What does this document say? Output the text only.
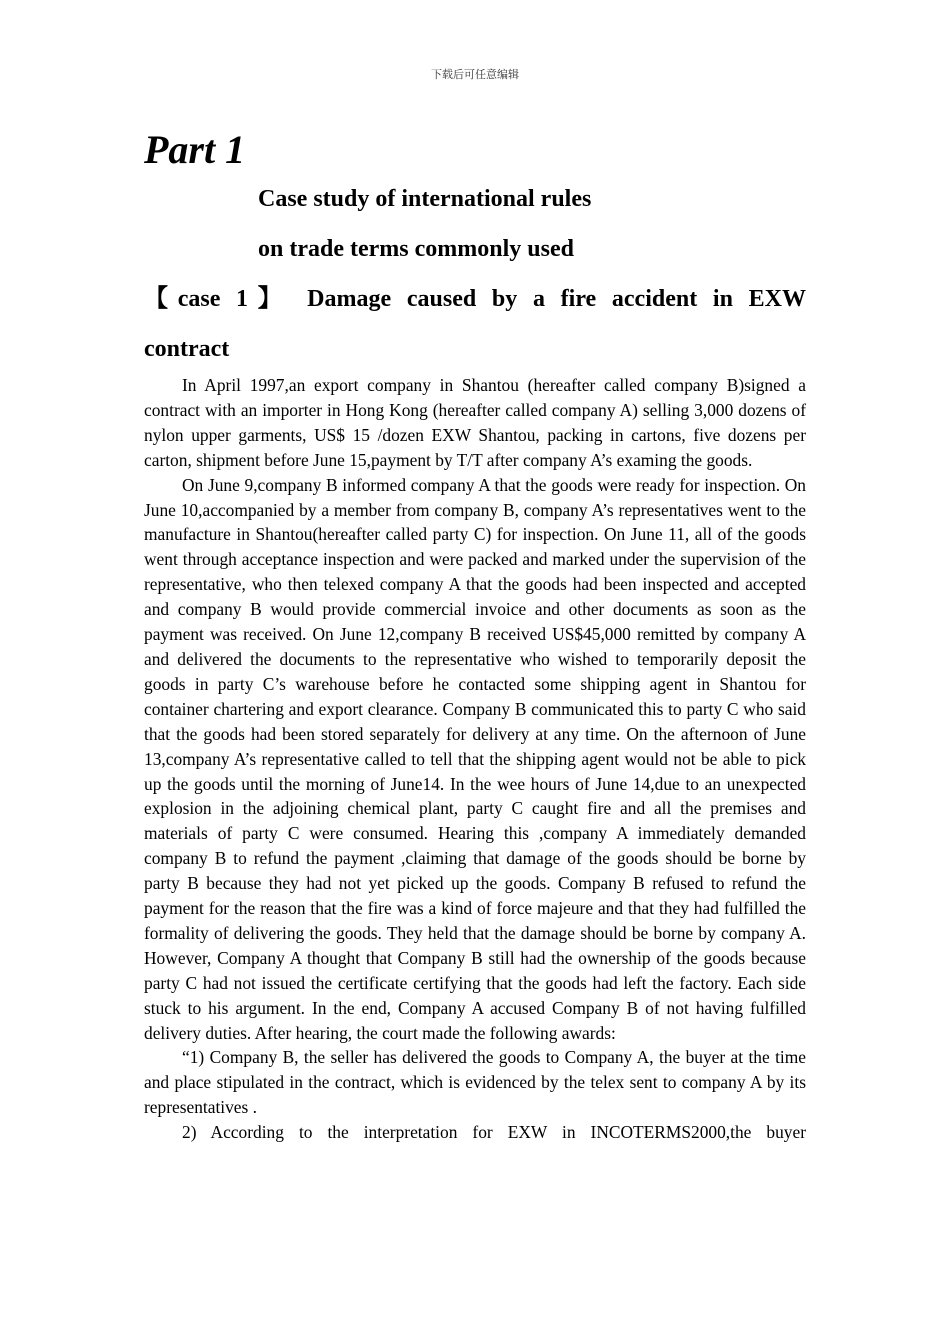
下载后可任意编辑
Part 1
Case study of international rules
on trade terms commonly used
【case 1】 Damage caused by a fire accident in EXW
contract

In April 1997,an export company in Shantou (hereafter called company B)signed a contract with an importer in Hong Kong (hereafter called company A) selling 3,000 dozens of nylon upper garments, US$ 15 /dozen EXW Shantou, packing in cartons, five dozens per carton, shipment before June 15,payment by T/T after company A’s examing the goods.

On June 9,company B informed company A that the goods were ready for inspection. On June 10,accompanied by a member from company B, company A’s representatives went to the manufacture in Shantou(hereafter called party C) for inspection. On June 11, all of the goods went through acceptance inspection and were packed and marked under the supervision of the representative, who then telexed company A that the goods had been inspected and accepted and company B would provide commercial invoice and other documents as soon as the payment was received. On June 12,company B received US$45,000 remitted by company A and delivered the documents to the representative who wished to temporarily deposit the goods in party C’s warehouse before he contacted some shipping agent in Shantou for container chartering and export clearance. Company B communicated this to party C who said that the goods had been stored separately for delivery at any time. On the afternoon of June 13,company A’s representative called to tell that the shipping agent would not be able to pick up the goods until the morning of June14. In the wee hours of June 14,due to an unexpected explosion in the adjoining chemical plant, party C caught fire and all the premises and materials of party C were consumed. Hearing this ,company A immediately demanded company B to refund the payment ,claiming that damage of the goods should be borne by party B because they had not yet picked up the goods. Company B refused to refund the payment for the reason that the fire was a kind of force majeure and that they had fulfilled the formality of delivering the goods. They held that the damage should be borne by company A. However, Company A thought that Company B still had the ownership of the goods because party C had not issued the certificate certifying that the goods had left the factory. Each side stuck to his argument. In the end, Company A accused Company B of not having fulfilled delivery duties. After hearing, the court made the following awards:

“1) Company B, the seller has delivered the goods to Company A, the buyer at the time and place stipulated in the contract, which is evidenced by the telex sent to company A by its representatives .

2) According to the interpretation for EXW in INCOTERMS2000,the buyer
